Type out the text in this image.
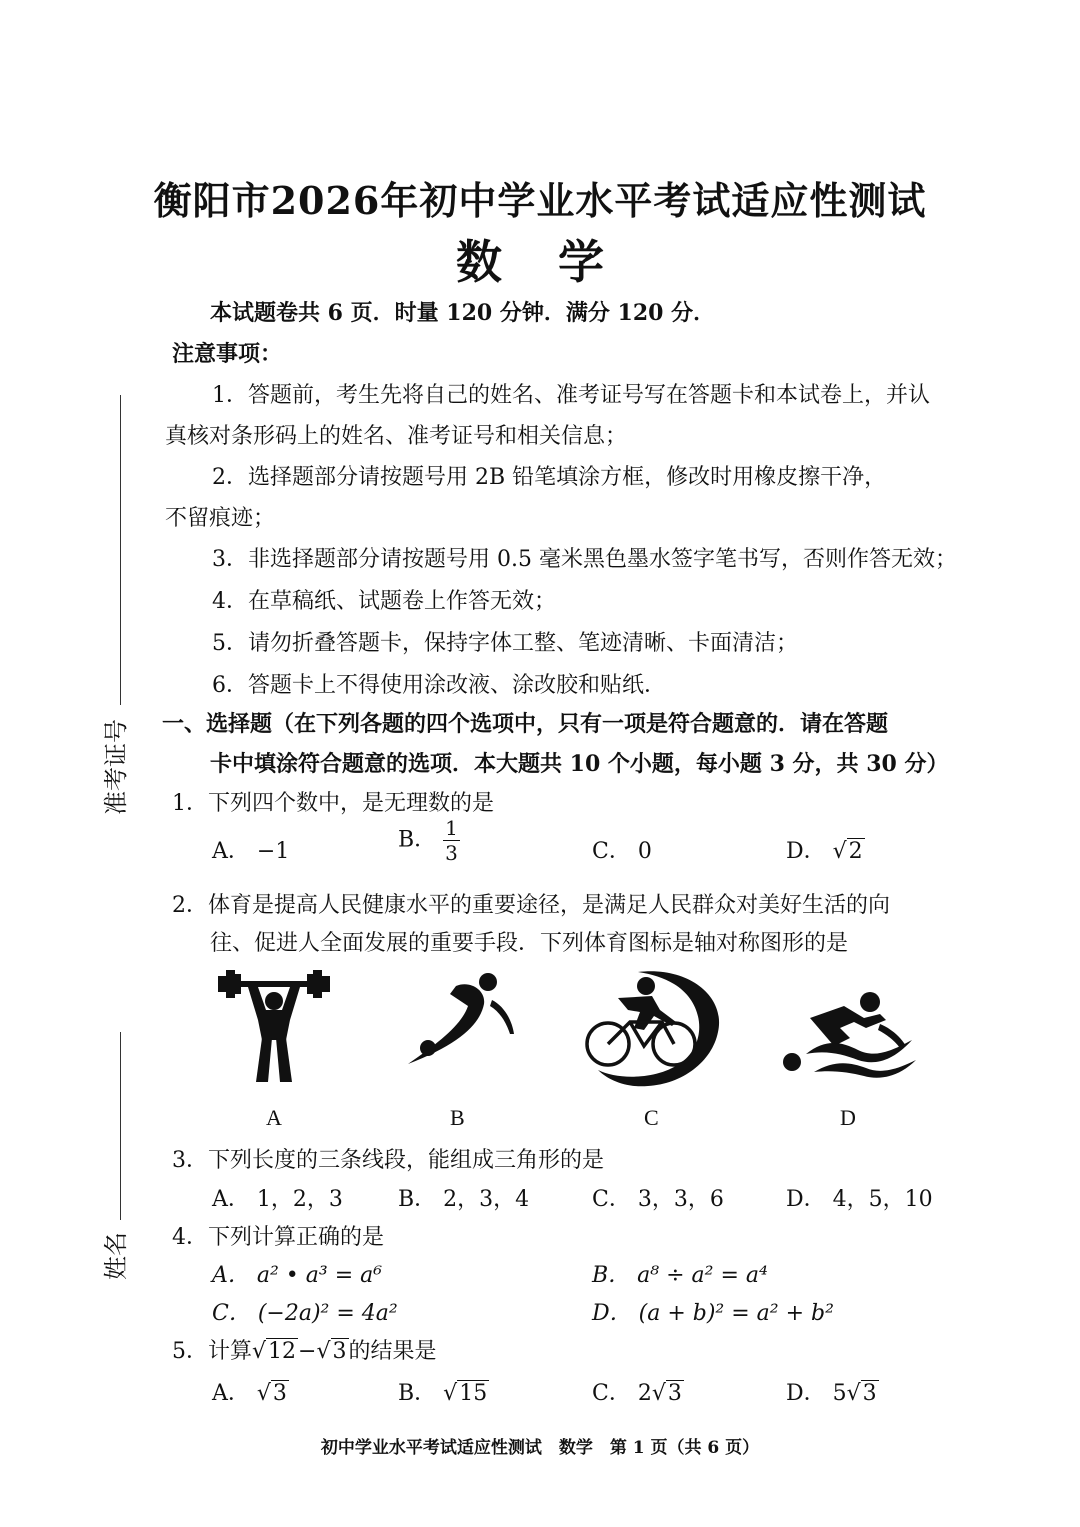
准考证号
姓名
衡阳市2026年初中学业水平考试适应性测试
数 学
本试题卷共 6 页．时量 120 分钟．满分 120 分．
注意事项：
1．答题前，考生先将自己的姓名、准考证号写在答题卡和本试卷上，并认
真核对条形码上的姓名、准考证号和相关信息；
2．选择题部分请按题号用 2B 铅笔填涂方框，修改时用橡皮擦干净，
不留痕迹；
3．非选择题部分请按题号用 0.5 毫米黑色墨水签字笔书写，否则作答无效；
4．在草稿纸、试题卷上作答无效；
5．请勿折叠答题卡，保持字体工整、笔迹清晰、卡面清洁；
6．答题卡上不得使用涂改液、涂改胶和贴纸．
一、选择题（在下列各题的四个选项中，只有一项是符合题意的．请在答题
卡中填涂符合题意的选项．本大题共 10 个小题，每小题 3 分，共 30 分）
1．下列四个数中，是无理数的是
A． −1	B． $\frac{1}{3}$	C． 0	D． √2
2．体育是提高人民健康水平的重要途径，是满足人民群众对美好生活的向
往、促进人全面发展的重要手段．下列体育图标是轴对称图形的是
A	B	C	D
3．下列长度的三条线段，能组成三角形的是
A． 1，2，3	B． 2，3，4	C． 3，3，6	D． 4，5，10
4．下列计算正确的是
A． a² • a³ = a⁶	B． a⁸ ÷ a² = a⁴
C． (−2a)² = 4a²	D． (a + b)² = a² + b²
5．计算√12−√3的结果是
A． √3	B． √15	C． 2√3	D． 5√3
初中学业水平考试适应性测试　数学　第 1 页（共 6 页）
